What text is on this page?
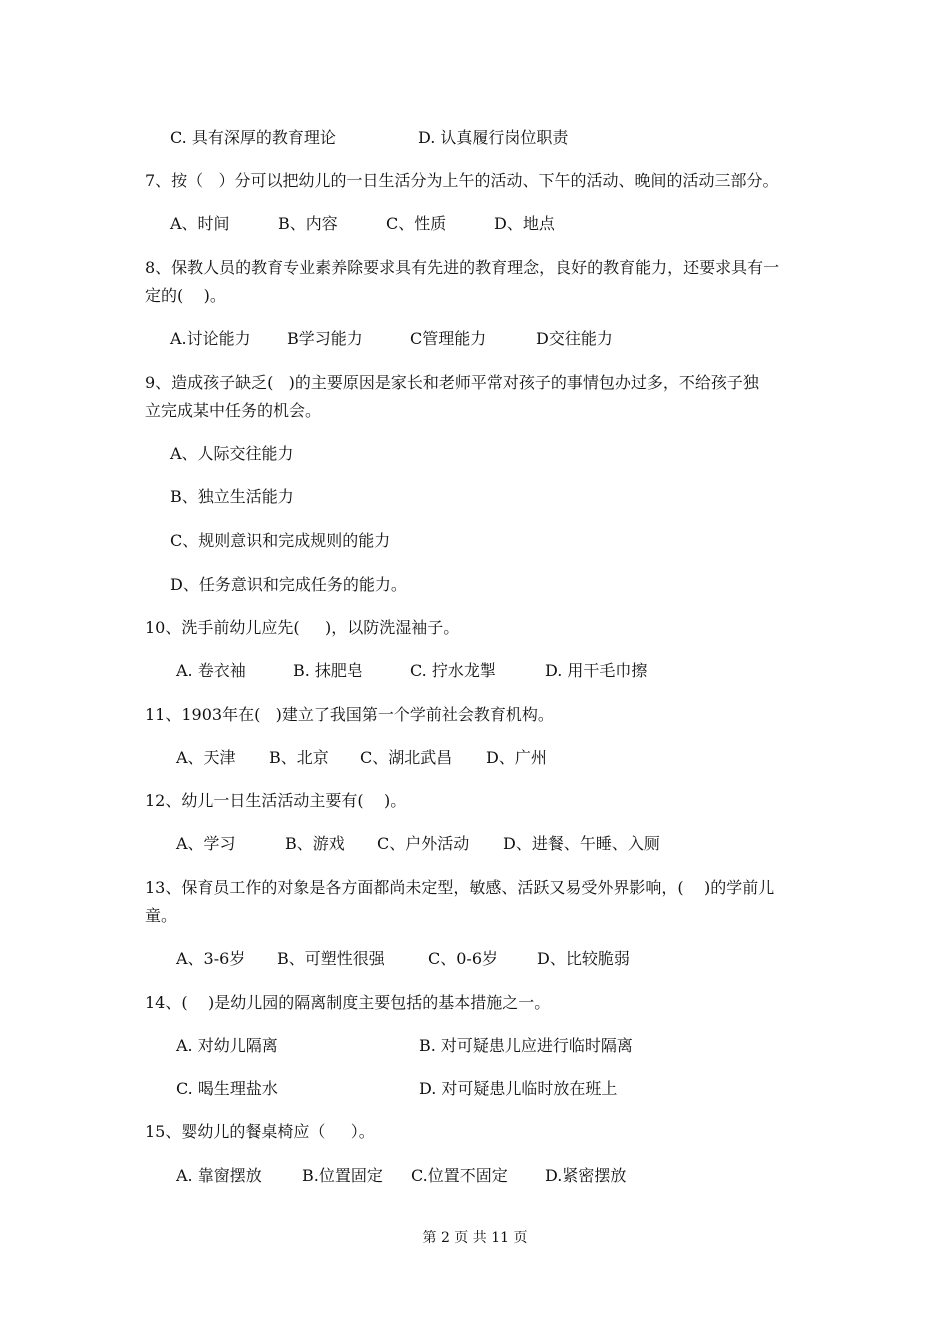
C. 具有深厚的教育理论

	D. 认真履行岗位职责

7、按（   ）分可以把幼儿的一日生活分为上午的活动、下午的活动、晚间的活动三部分。

A、时间

	B、内容

	C、性质

	D、地点

8、保教人员的教育专业素养除要求具有先进的教育理念，良好的教育能力，还要求具有一
定的(    )。

A.讨论能力

B学习能力

	C管理能力

	D交往能力

9、造成孩子缺乏(   )的主要原因是家长和老师平常对孩子的事情包办过多，不给孩子独
立完成某中任务的机会。
A、人际交往能力
B、独立生活能力
C、规则意识和完成规则的能力
D、任务意识和完成任务的能力。
10、洗手前幼儿应先(     )，以防洗湿袖子。

A. 卷衣袖

	B. 抹肥皂

	C. 拧水龙掣

	D. 用干毛巾擦

11、1903年在(   )建立了我国第一个学前社会教育机构。

A、天津

B、北京

C、湖北武昌

D、广州

12、幼儿一日生活活动主要有(    )。

A、学习

	B、游戏

C、户外活动

D、进餐、午睡、入厕

13、保育员工作的对象是各方面都尚未定型，敏感、活跃又易受外界影响，(    )的学前儿
童。

A、3-6岁

B、可塑性很强

	C、0-6岁

D、比较脆弱

14、(    )是幼儿园的隔离制度主要包括的基本措施之一。

A. 对幼儿隔离

	B. 对可疑患儿应进行临时隔离

C. 喝生理盐水

	D. 对可疑患儿临时放在班上

15、婴幼儿的餐桌椅应（     ）。

A. 靠窗摆放

	B.位置固定

C.位置不固定

D.紧密摆放

第 2 页 共 11 页
